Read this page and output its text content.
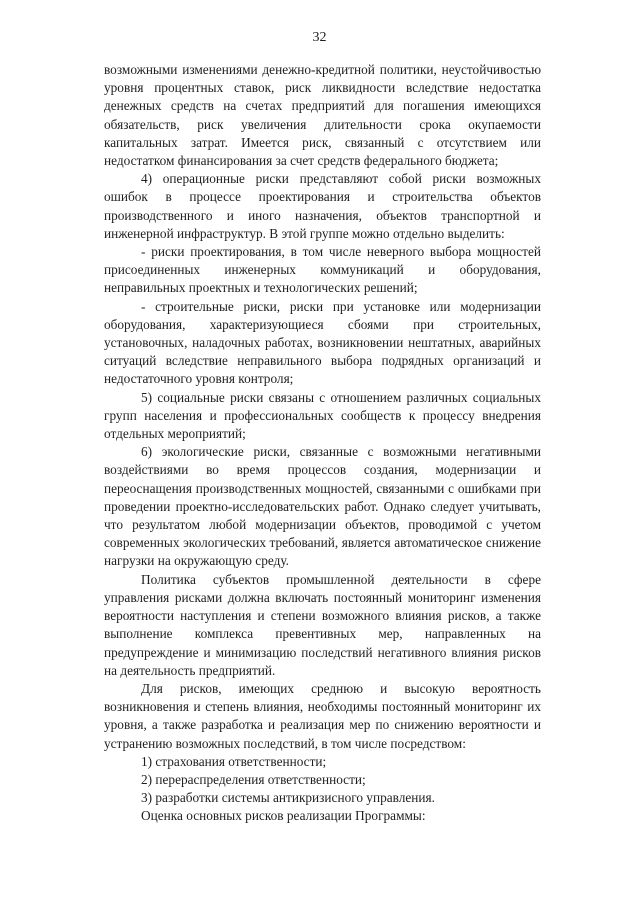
32

возможными изменениями денежно-кредитной политики, неустойчивостью уровня процентных ставок, риск ликвидности вследствие недостатка денежных средств на счетах предприятий для погашения имеющихся обязательств, риск увеличения длительности срока окупаемости капитальных затрат. Имеется риск, связанный с отсутствием или недостатком финансирования за счет средств федерального бюджета;

4) операционные риски представляют собой риски возможных ошибок в процессе проектирования и строительства объектов производственного и иного назначения, объектов транспортной и инженерной инфраструктур. В этой группе можно отдельно выделить:

- риски проектирования, в том числе неверного выбора мощностей присоединенных инженерных коммуникаций и оборудования, неправильных проектных и технологических решений;

- строительные риски, риски при установке или модернизации оборудования, характеризующиеся сбоями при строительных, установочных, наладочных работах, возникновении нештатных, аварийных ситуаций вследствие неправильного выбора подрядных организаций и недостаточного уровня контроля;

5) социальные риски связаны с отношением различных социальных групп населения и профессиональных сообществ к процессу внедрения отдельных мероприятий;

6) экологические риски, связанные с возможными негативными воздействиями во время процессов создания, модернизации и переоснащения производственных мощностей, связанными с ошибками при проведении проектно-исследовательских работ. Однако следует учитывать, что результатом любой модернизации объектов, проводимой с учетом современных экологических требований, является автоматическое снижение нагрузки на окружающую среду.

Политика субъектов промышленной деятельности в сфере управления рисками должна включать постоянный мониторинг изменения вероятности наступления и степени возможного влияния рисков, а также выполнение комплекса превентивных мер, направленных на предупреждение и минимизацию последствий негативного влияния рисков на деятельность предприятий.

Для рисков, имеющих среднюю и высокую вероятность возникновения и степень влияния, необходимы постоянный мониторинг их уровня, а также разработка и реализация мер по снижению вероятности и устранению возможных последствий, в том числе посредством:

1) страхования ответственности;

2) перераспределения ответственности;

3) разработки системы антикризисного управления.

Оценка основных рисков реализации Программы:
